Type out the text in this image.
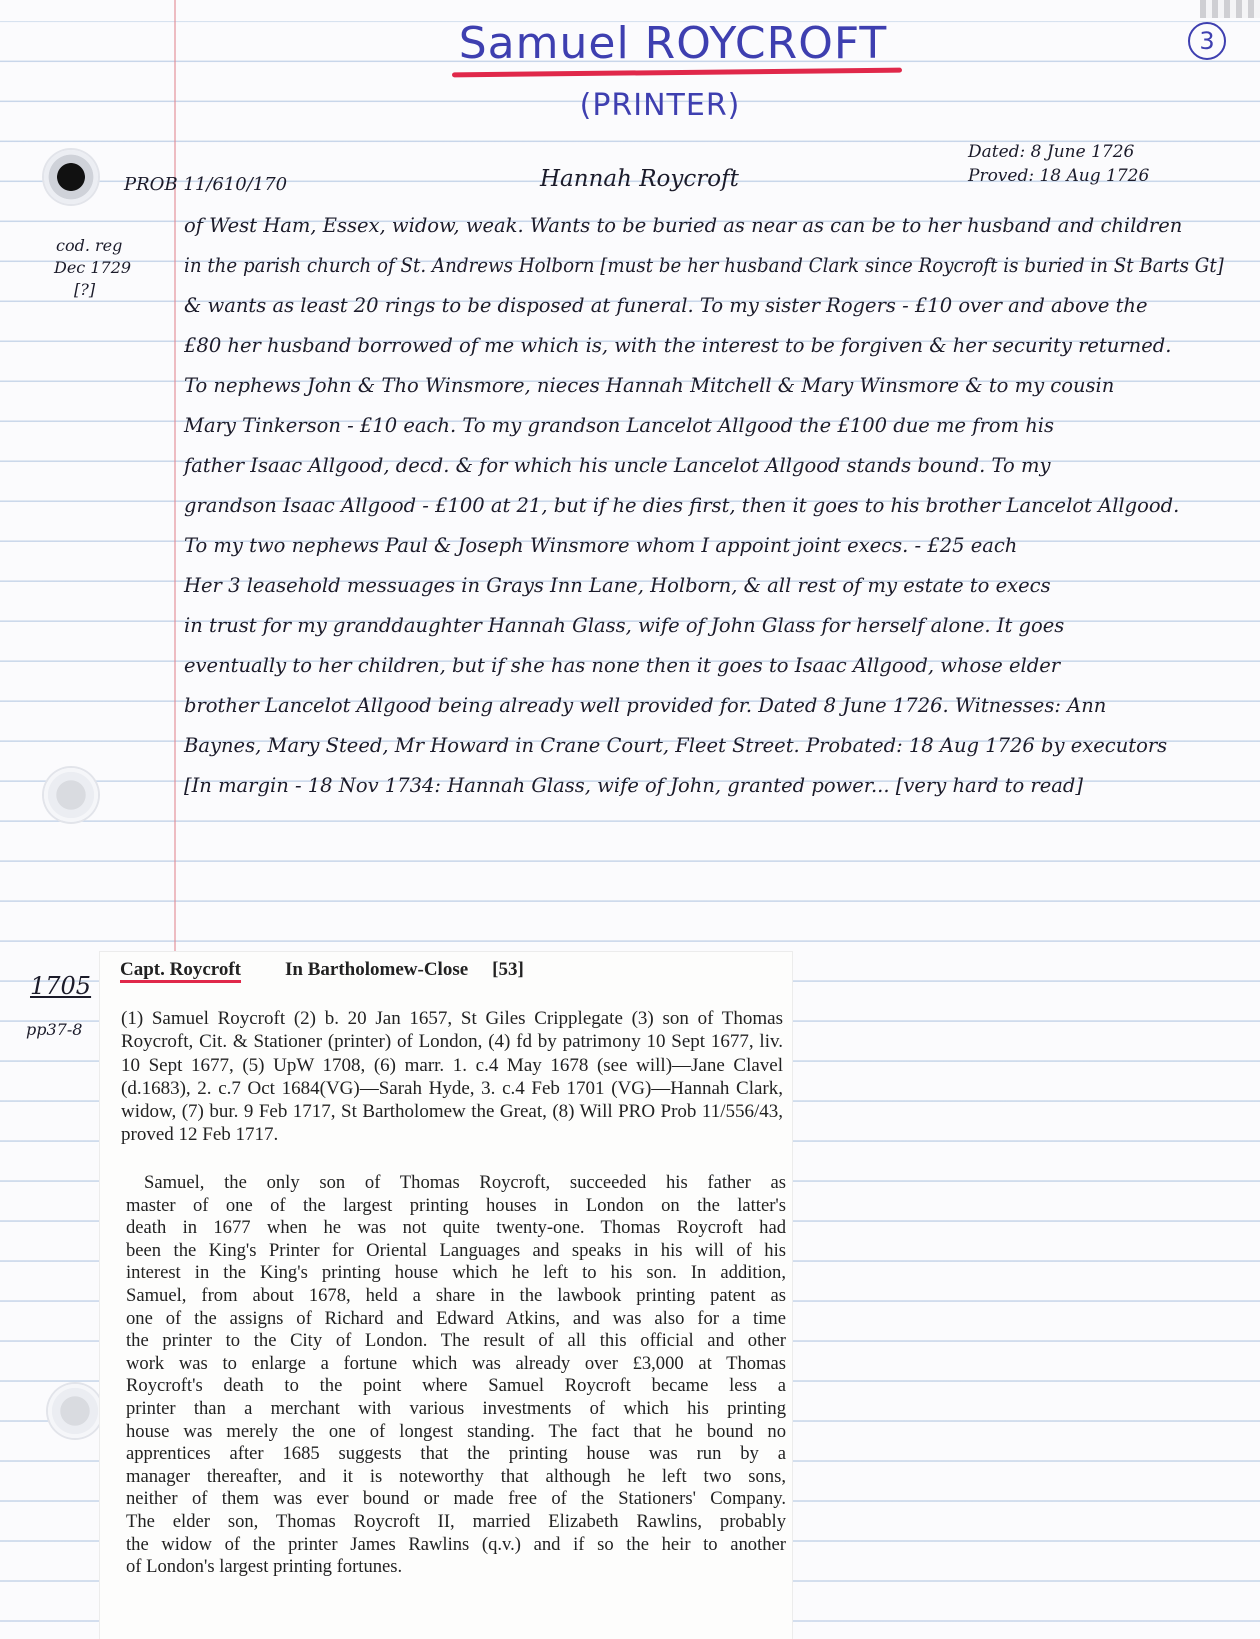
Samuel ROYCROFT
(PRINTER)
3
PROB 11/610/170	Hannah Roycroft
Dated: 8 June 1726
Proved: 18 Aug 1726
cod. reg
Dec 1729
[?]
of West Ham, Essex, widow, weak. Wants to be buried as near as can be to her husband and children
in the parish church of St. Andrews Holborn [must be her husband Clark since Roycroft is buried in St Barts Gt]
& wants as least 20 rings to be disposed at funeral. To my sister Rogers - £10 over and above the
£80 her husband borrowed of me which is, with the interest to be forgiven & her security returned.
To nephews John & Tho Winsmore, nieces Hannah Mitchell & Mary Winsmore & to my cousin
Mary Tinkerson - £10 each. To my grandson Lancelot Allgood the £100 due me from his
father Isaac Allgood, decd. & for which his uncle Lancelot Allgood stands bound. To my
grandson Isaac Allgood - £100 at 21, but if he dies first, then it goes to his brother Lancelot Allgood.
To my two nephews Paul & Joseph Winsmore whom I appoint joint execs. - £25 each
Her 3 leasehold messuages in Grays Inn Lane, Holborn, & all rest of my estate to execs
in trust for my granddaughter Hannah Glass, wife of John Glass for herself alone. It goes
eventually to her children, but if she has none then it goes to Isaac Allgood, whose elder
brother Lancelot Allgood being already well provided for. Dated 8 June 1726. Witnesses: Ann
Baynes, Mary Steed, Mr Howard in Crane Court, Fleet Street. Probated: 18 Aug 1726 by executors
[In margin - 18 Nov 1734: Hannah Glass, wife of John, granted power... [very hard to read]
1705
pp37-8
Capt. Roycroft In Bartholomew-Close [53]
(1) Samuel Roycroft (2) b. 20 Jan 1657, St Giles Cripplegate (3) son of Thomas Roycroft, Cit. & Stationer (printer) of London, (4) fd by patrimony 10 Sept 1677, liv. 10 Sept 1677, (5) UpW 1708, (6) marr. 1. c.4 May 1678 (see will)—Jane Clavel (d.1683), 2. c.7 Oct 1684(VG)—Sarah Hyde, 3. c.4 Feb 1701 (VG)—Hannah Clark, widow, (7) bur. 9 Feb 1717, St Bartholomew the Great, (8) Will PRO Prob 11/556/43, proved 12 Feb 1717.
Samuel, the only son of Thomas Roycroft, succeeded his father as
master of one of the largest printing houses in London on the latter's
death in 1677 when he was not quite twenty-one. Thomas Roycroft had
been the King's Printer for Oriental Languages and speaks in his will of his
interest in the King's printing house which he left to his son. In addition,
Samuel, from about 1678, held a share in the lawbook printing patent as
one of the assigns of Richard and Edward Atkins, and was also for a time
the printer to the City of London. The result of all this official and other
work was to enlarge a fortune which was already over £3,000 at Thomas
Roycroft's death to the point where Samuel Roycroft became less a
printer than a merchant with various investments of which his printing
house was merely the one of longest standing. The fact that he bound no
apprentices after 1685 suggests that the printing house was run by a
manager thereafter, and it is noteworthy that although he left two sons,
neither of them was ever bound or made free of the Stationers' Company.
The elder son, Thomas Roycroft II, married Elizabeth Rawlins, probably
the widow of the printer James Rawlins (q.v.) and if so the heir to another
of London's largest printing fortunes.
